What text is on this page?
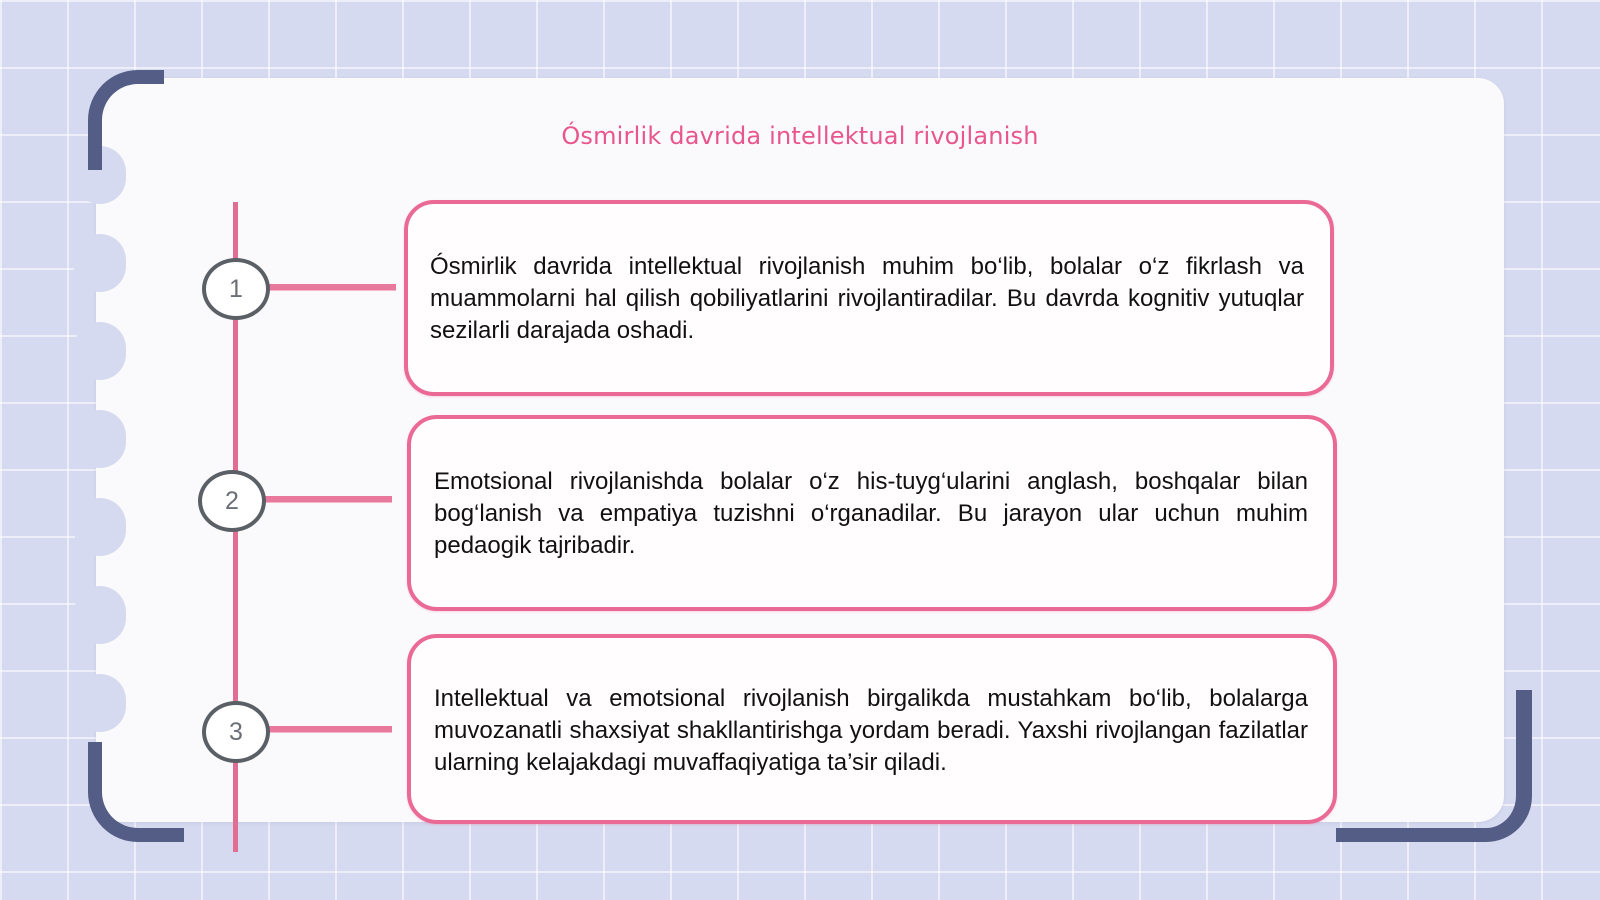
Ósmirlik davrida intellektual rivojlanish

Ósmirlik davrida intellektual rivojlanish muhim bo‘lib, bolalar o‘z fikrlash va muammolarni hal qilish qobiliyatlarini rivojlantiradilar. Bu davrda kognitiv yutuqlar sezilarli darajada oshadi.

1

Emotsional rivojlanishda bolalar o‘z his-tuyg‘ularini anglash, boshqalar bilan bog‘lanish va empatiya tuzishni o‘rganadilar. Bu jarayon ular uchun muhim pedaogik tajribadir.

2

Intellektual va emotsional rivojlanish birgalikda mustahkam bo‘lib, bolalarga muvozanatli shaxsiyat shakllantirishga yordam beradi. Yaxshi rivojlangan fazilatlar ularning kelajakdagi muvaffaqiyatiga ta’sir qiladi.

3
